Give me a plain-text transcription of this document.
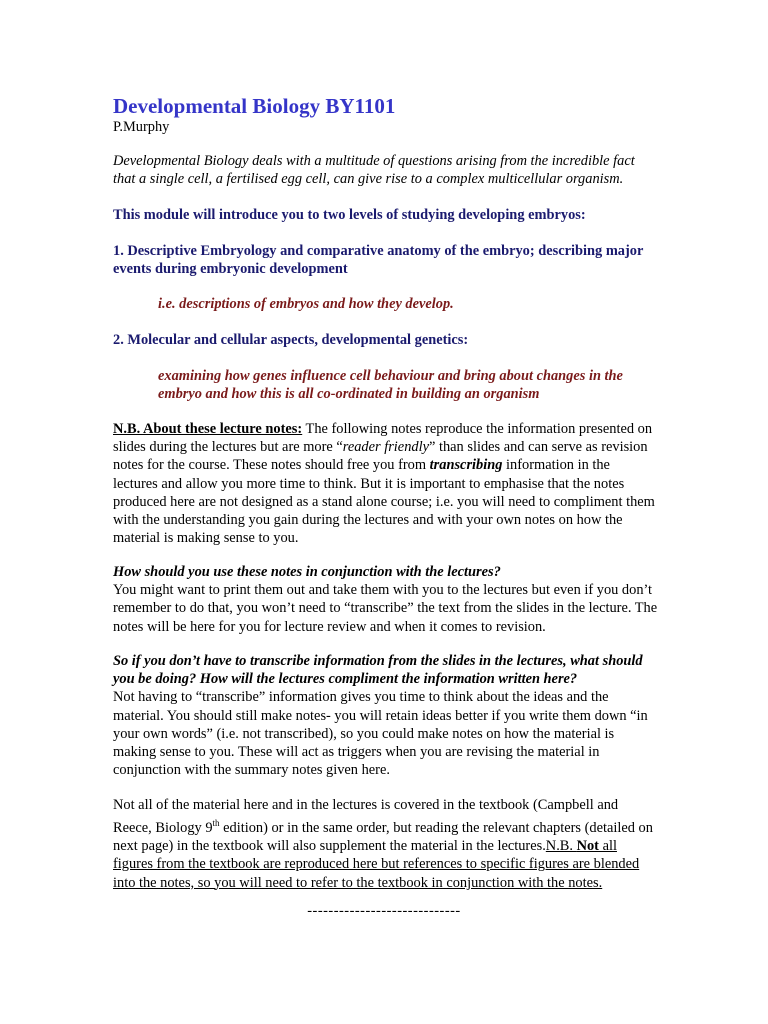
Developmental Biology BY1101
P.Murphy

Developmental Biology deals with a multitude of questions arising from the incredible fact that a single cell, a fertilised egg cell, can give rise to a complex multicellular organism.

This module will introduce you to two levels of studying developing embryos:

1. Descriptive Embryology and comparative anatomy of the embryo; describing major events during embryonic development

i.e. descriptions of embryos and how they develop.

2. Molecular and cellular aspects, developmental genetics:

examining how genes influence cell behaviour and bring about changes in the embryo and how this is all co-ordinated in building an organism

N.B. About these lecture notes: The following notes reproduce the information presented on slides during the lectures but are more “reader friendly” than slides and can serve as revision notes for the course. These notes should free you from transcribing information in the lectures and allow you more time to think. But it is important to emphasise that the notes produced here are not designed as a stand alone course; i.e. you will need to compliment them with the understanding you gain during the lectures and with your own notes on how the material is making sense to you.

How should you use these notes in conjunction with the lectures?
You might want to print them out and take them with you to the lectures but even if you don’t remember to do that, you won’t need to “transcribe” the text from the slides in the lecture. The notes will be here for you for lecture review and when it comes to revision.
So if you don’t have to transcribe information from the slides in the lectures, what should you be doing? How will the lectures compliment the information written here?
Not having to “transcribe” information gives you time to think about the ideas and the material. You should still make notes- you will retain ideas better if you write them down “in your own words” (i.e. not transcribed), so you could make notes on how the material is making sense to you. These will act as triggers when you are revising the material in conjunction with the summary notes given here.

Not all of the material here and in the lectures is covered in the textbook (Campbell and Reece, Biology 9th edition) or in the same order, but reading the relevant chapters (detailed on next page) in the textbook will also supplement the material in the lectures.N.B. Not all figures from the textbook are reproduced here but references to specific figures are blended into the notes, so you will need to refer to the textbook in conjunction with the notes.

-----------------------------
